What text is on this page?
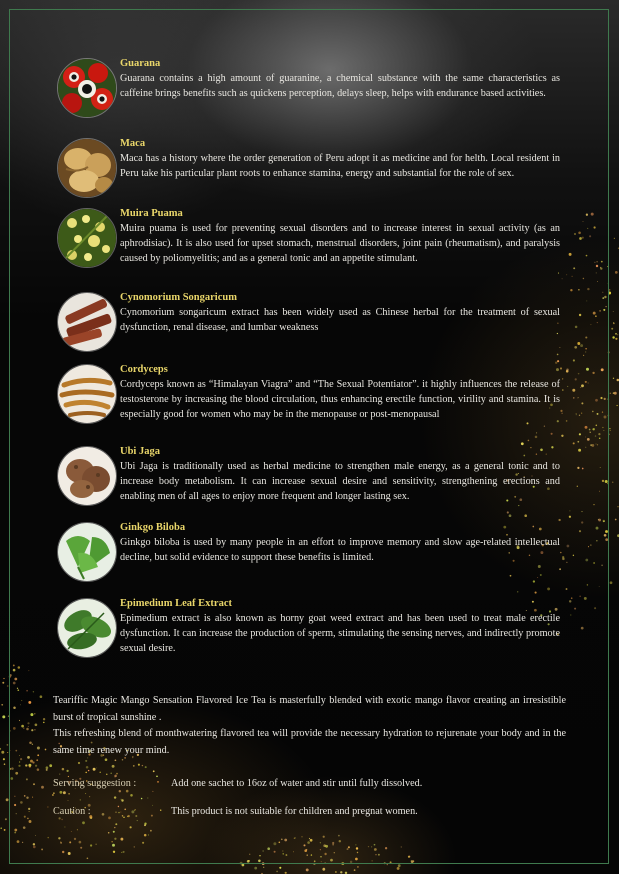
Guarana

Guarana contains a high amount of guaranine, a chemical substance with the same characteristics as caffeine brings benefits such as quickens perception, delays sleep, helps with endurance based activities.

Maca

Maca has a history where the order generation of Peru adopt it as medicine and for helth. Local resident in Peru take his particular plant roots to enhance stamina, energy and substantial for the role of sex.

Muira Puama

Muira puama is used for preventing sexual disorders and to increase interest in sexual activity (as an aphrodisiac). It is also used for upset stomach, menstrual disorders, joint pain (rheumatism), and paralysis caused by poliomyelitis; and as a general tonic and an appetite stimulant.

Cynomorium Songaricum

Cynomorium songaricum extract has been widely used as Chinese herbal for the treatment of sexual dysfunction, renal disease, and lumbar weakness

Cordyceps

Cordyceps known as “Himalayan Viagra” and “The Sexual Potentiator”. it highly influences the release of testosterone by increasing the blood circulation, thus enhancing erectile function, virility and stamina. It is especially good for women who may be in the menopause or post-menopausal

Ubi Jaga

Ubi Jaga is traditionally used as herbal medicine to strengthen male energy, as a general tonic and to increase body metabolism. It can increase sexual desire and sensitivity, strengthening erections and enabling men of all ages to enjoy more frequent and longer lasting sex.

Ginkgo Biloba

Ginkgo biloba is used by many people in an effort to improve memory and slow age-related intellectual decline, but solid evidence to support these benefits is limited.

Epimedium Leaf Extract

Epimedium extract is also known as horny goat weed extract and has been used to treat male erectile dysfunction. It can increase the production of sperm, stimulating the sensing nerves, and indirectly promote sexual desire.

Teariffic Magic Mango Sensation Flavored Ice Tea is masterfully blended with exotic mango flavor creating an irresistible burst of tropical sunshine .

This refreshing blend of monthwatering flavored tea will provide the necessary hydration to rejurenate your body and in the same time renew your mind.

Serving suggestion :	Add one sachet to 16oz of water and stir until fully dissolved.
Caution :	This product is not suitable for children and pregnat women.
